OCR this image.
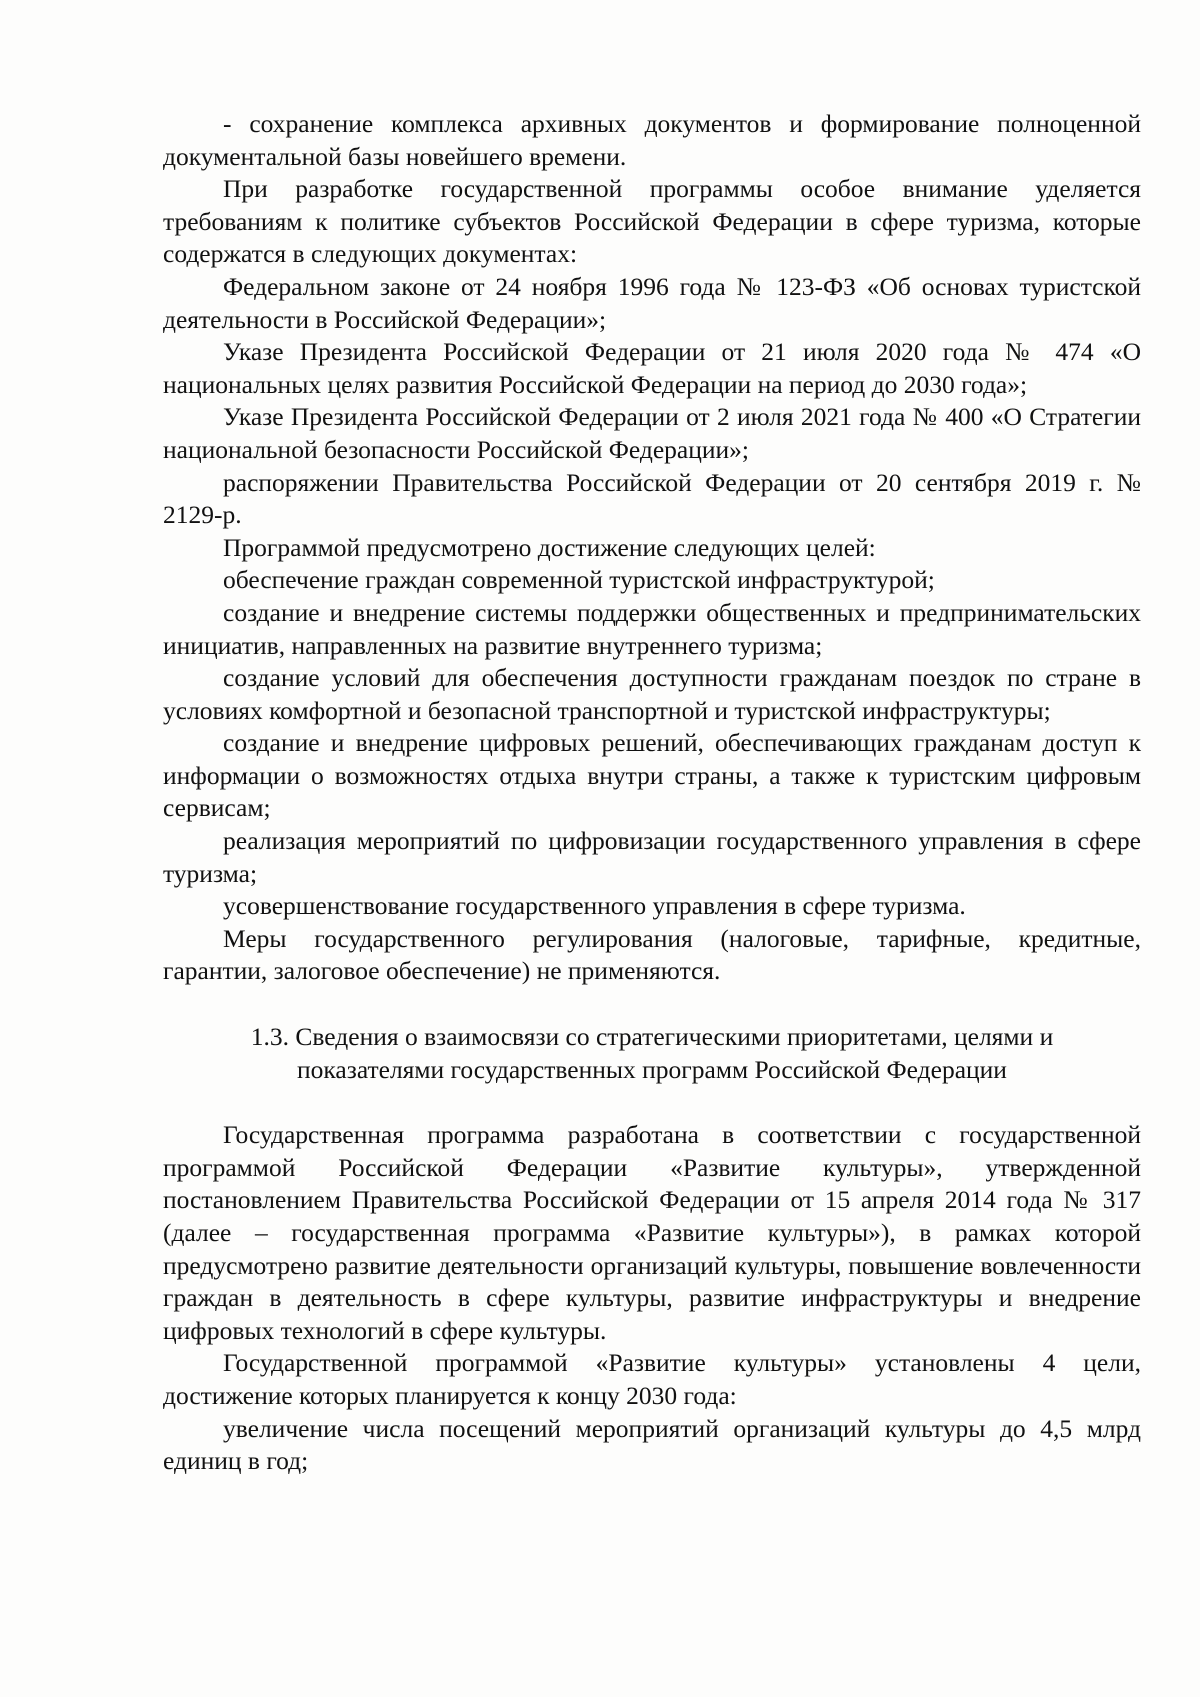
- сохранение комплекса архивных документов и формирование полноценной документальной базы новейшего времени.

При разработке государственной программы особое внимание уделяется требованиям к политике субъектов Российской Федерации в сфере туризма, которые содержатся в следующих документах:

Федеральном законе от 24 ноября 1996 года № 123-ФЗ «Об основах туристской деятельности в Российской Федерации»;

Указе Президента Российской Федерации от 21 июля 2020 года № 474 «О национальных целях развития Российской Федерации на период до 2030 года»;

Указе Президента Российской Федерации от 2 июля 2021 года № 400 «О Стратегии национальной безопасности Российской Федерации»;

распоряжении Правительства Российской Федерации от 20 сентября 2019 г. № 2129-р.

Программой предусмотрено достижение следующих целей:

обеспечение граждан современной туристской инфраструктурой;

создание и внедрение системы поддержки общественных и предпринимательских инициатив, направленных на развитие внутреннего туризма;

создание условий для обеспечения доступности гражданам поездок по стране в условиях комфортной и безопасной транспортной и туристской инфраструктуры;

создание и внедрение цифровых решений, обеспечивающих гражданам доступ к информации о возможностях отдыха внутри страны, а также к туристским цифровым сервисам;

реализация мероприятий по цифровизации государственного управления в сфере туризма;

усовершенствование государственного управления в сфере туризма.

Меры государственного регулирования (налоговые, тарифные, кредитные, гарантии, залоговое обеспечение) не применяются.

1.3. Сведения о взаимосвязи со стратегическими приоритетами, целями и
показателями государственных программ Российской Федерации

Государственная программа разработана в соответствии с государственной программой Российской Федерации «Развитие культуры», утвержденной постановлением Правительства Российской Федерации от 15 апреля 2014 года № 317 (далее – государственная программа «Развитие культуры»), в рамках которой предусмотрено развитие деятельности организаций культуры, повышение вовлеченности граждан в деятельность в сфере культуры, развитие инфраструктуры и внедрение цифровых технологий в сфере культуры.

Государственной программой «Развитие культуры» установлены 4 цели, достижение которых планируется к концу 2030 года:

увеличение числа посещений мероприятий организаций культуры до 4,5 млрд единиц в год;
